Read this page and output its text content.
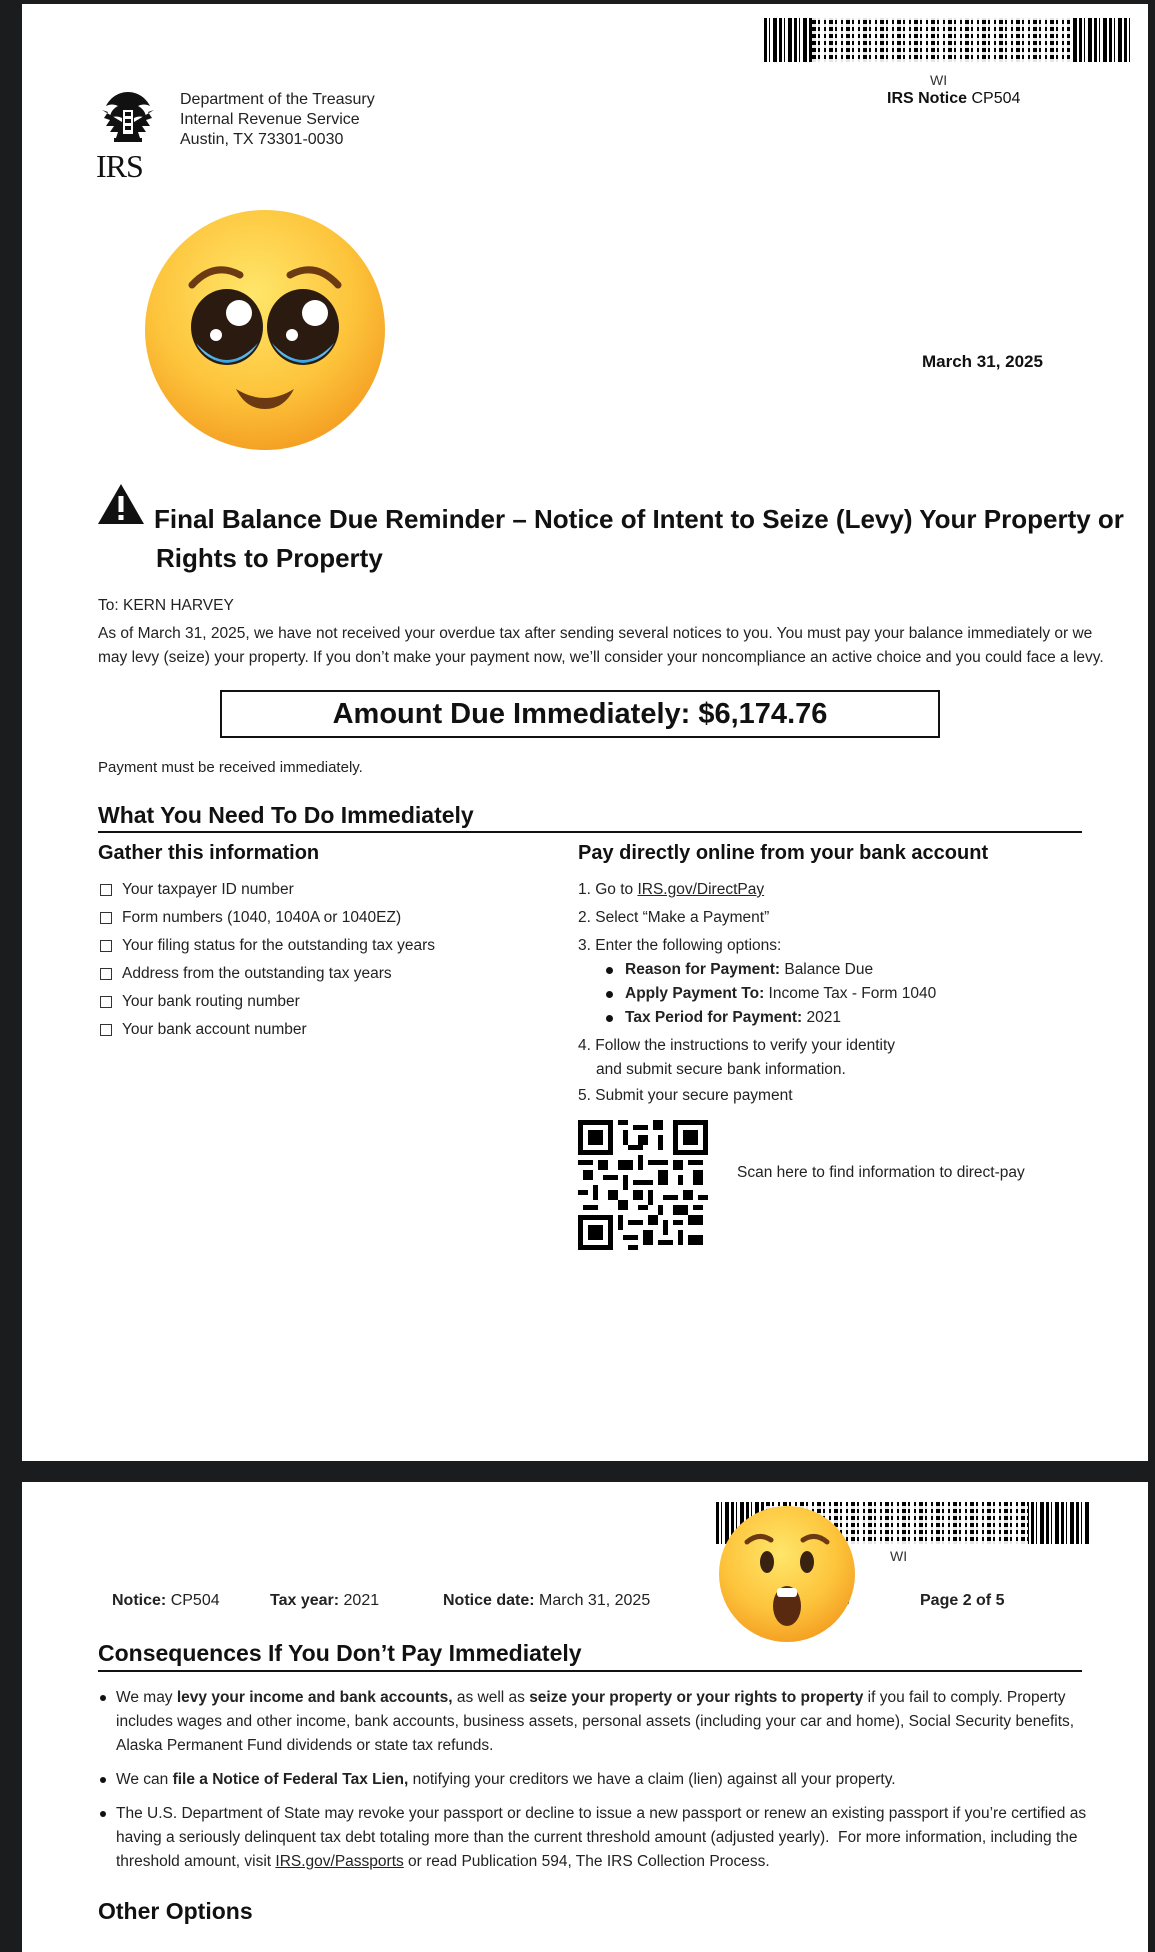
WI
IRS Notice CP504
IRS
Department of the Treasury
Internal Revenue Service
Austin, TX 73301-0030
March 31, 2025
Final Balance Due Reminder – Notice of Intent to Seize (Levy) Your Property or
Rights to Property
To: KERN HARVEY
As of March 31, 2025, we have not received your overdue tax after sending several notices to you. You must pay your balance immediately or we may levy (seize) your property. If you don’t make your payment now, we’ll consider your noncompliance an active choice and you could face a levy.
Amount Due Immediately: $6,174.76
Payment must be received immediately.
What You Need To Do Immediately
Gather this information
Your taxpayer ID number
Form numbers (1040, 1040A or 1040EZ)
Your filing status for the outstanding tax years
Address from the outstanding tax years
Your bank routing number
Your bank account number
Pay directly online from your bank account
1. Go to IRS.gov/DirectPay
2. Select “Make a Payment”
3. Enter the following options:
Reason for Payment: Balance Due
Apply Payment To: Income Tax - Form 1040
Tax Period for Payment: 2021
4. Follow the instructions to verify your identity
and submit secure bank information.
5. Submit your secure payment
Scan here to find information to direct-pay
WI
Notice: CP504	Tax year: 2021	Notice date: March 31, 2025	Page 2 of 5
Consequences If You Don’t Pay Immediately
We may levy your income and bank accounts, as well as seize your property or your rights to property if you fail to comply. Property includes wages and other income, bank accounts, business assets, personal assets (including your car and home), Social Security benefits, Alaska Permanent Fund dividends or state tax refunds.
We can file a Notice of Federal Tax Lien, notifying your creditors we have a claim (lien) against all your property.
The U.S. Department of State may revoke your passport or decline to issue a new passport or renew an existing passport if you’re certified as having a seriously delinquent tax debt totaling more than the current threshold amount (adjusted yearly).  For more information, including the threshold amount, visit IRS.gov/Passports or read Publication 594, The IRS Collection Process.
Other Options
